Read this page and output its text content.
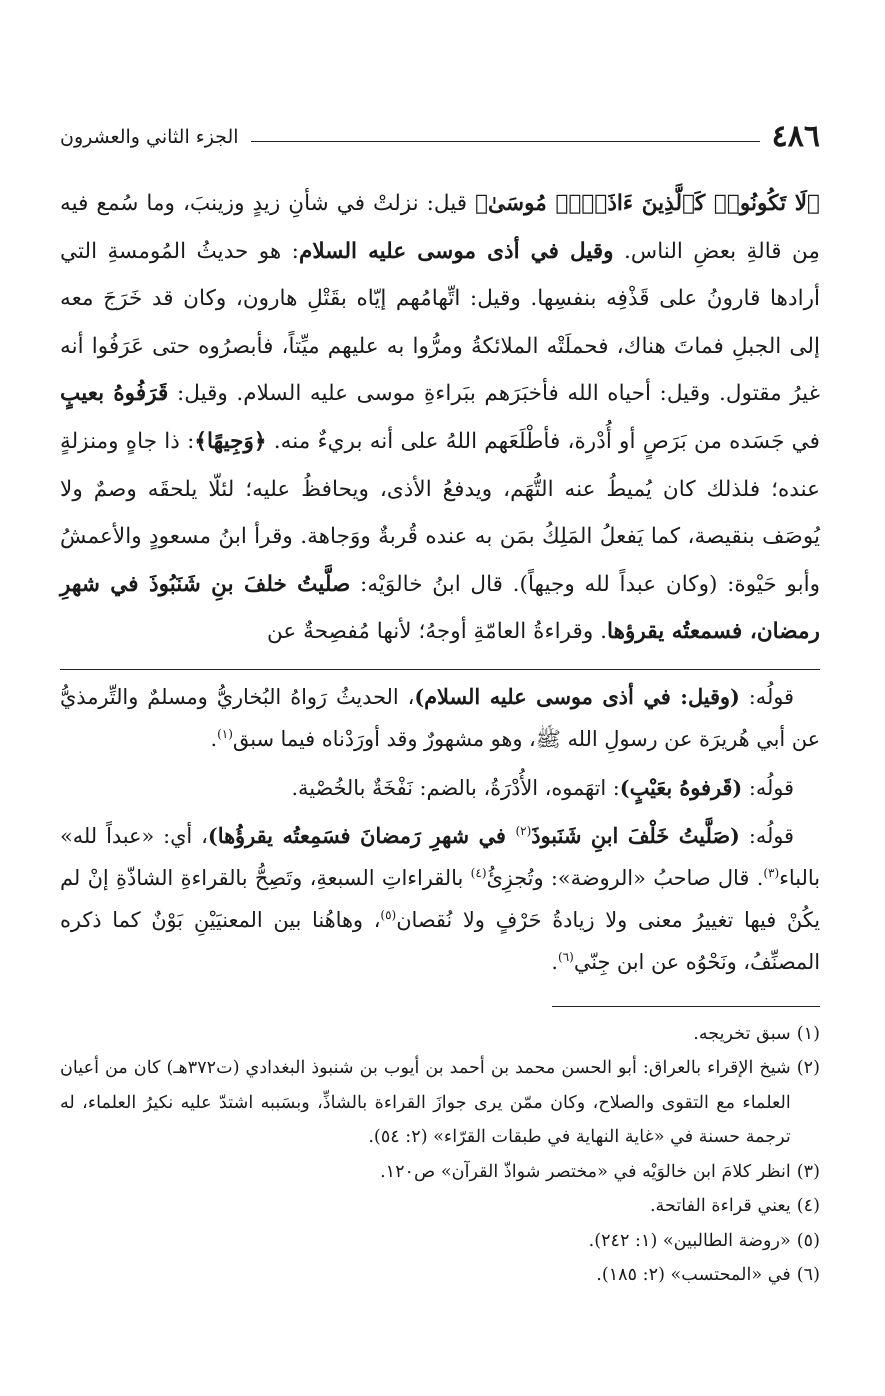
٤٨٦
الجزء الثاني والعشرون

﴿لَا تَكُونُوا۟ كَٱلَّذِينَ ءَاذَوۡا۟ مُوسَىٰ﴾ قيل: نزلتْ في شأنِ زيدٍ وزينبَ، وما سُمع فيه مِن قالةِ بعضِ الناس. وقيل في أذى موسى عليه السلام: هو حديثُ المُومسةِ التي أرادها قارونُ على قَذْفِه بنفسِها. وقيل: اتِّهامُهم إيّاه بقَتْلِ هارون، وكان قد خَرَجَ معه إلى الجبلِ فماتَ هناك، فحملَتْه الملائكةُ ومرُّوا به عليهم ميِّتاً، فأبصرُوه حتى عَرَفُوا أنه غيرُ مقتول. وقيل: أحياه الله فأخبَرَهم ببَراءةِ موسى عليه السلام. وقيل: قَرَفُوهُ بعيبٍ في جَسَده من بَرَصٍ أو أُدْرة، فأطْلَعَهم اللهُ على أنه بريءٌ منه. ﴿وَجِيهًا﴾: ذا جاهٍ ومنزلةٍ عنده؛ فلذلك كان يُميطُ عنه التُّهَم، ويدفعُ الأذى، ويحافظُ عليه؛ لئلّا يلحقَه وصمٌ ولا يُوصَف بنقيصة، كما يَفعلُ المَلِكُ بمَن به عنده قُربةٌ ووَجاهة. وقرأ ابنُ مسعودٍ والأعمشُ وأبو حَيْوة: (وكان عبداً لله وجيهاً). قال ابنُ خالوَيْه: صلَّيتُ خلفَ بنِ شَنَبُوذَ في شهرِ رمضان، فسمعتُه يقرؤها. وقراءةُ العامّةِ أوجهُ؛ لأنها مُفصِحةٌ عن

قولُه: (وقيل: في أذى موسى عليه السلام)، الحديثُ رَواهُ البُخاريُّ ومسلمٌ والتِّرمذيُّ عن أبي هُريرَة عن رسولِ الله ﷺ، وهو مشهورٌ وقد أورَدْناه فيما سبق$^{(١)}$.

قولُه: (قَرفوهُ بعَيْبٍ): اتهَموه، الأُدْرَةُ، بالضم: نَفْخَةٌ بالخُصْية.

قولُه: (صَلَّيتُ خَلْفَ ابنِ شَنَبوذَ$^{(٢)}$ في شهرِ رَمضانَ فسَمِعتُه يقرؤُها)، أي: «عبداً لله» بالباء$^{(٣)}$. قال صاحبُ «الروضة»: وتُجزِئُ$^{(٤)}$ بالقراءاتِ السبعةِ، وتَصِحُّ بالقراءةِ الشاذّةِ إنْ لم يكُنْ فيها تغييرُ معنى ولا زيادةُ حَرْفٍ ولا نُقصان$^{(٥)}$، وهاهُنا بين المعنيَيْنِ بَوْنٌ كما ذكره المصنِّفُ، ونَحْوُه عن ابن جِنّي$^{(٦)}$.

(١)
سبق تخريجه.
(٢)
شيخ الإقراء بالعراق: أبو الحسن محمد بن أحمد بن أيوب بن شنبوذ البغدادي (ت٣٧٢هـ) كان من أعيان العلماء مع التقوى والصلاح، وكان ممّن يرى جوازَ القراءة بالشاذِّ، وبسَببه اشتدّ عليه نكيرُ العلماء، له ترجمة حسنة في «غاية النهاية في طبقات القرّاء» (٢: ٥٤).
(٣)
انظر كلامَ ابن خالوَيْه في «مختصر شواذّ القرآن» ص١٢٠.
(٤)
يعني قراءة الفاتحة.
(٥)
«روضة الطالبين» (١: ٢٤٢).
(٦)
في «المحتسب» (٢: ١٨٥).
